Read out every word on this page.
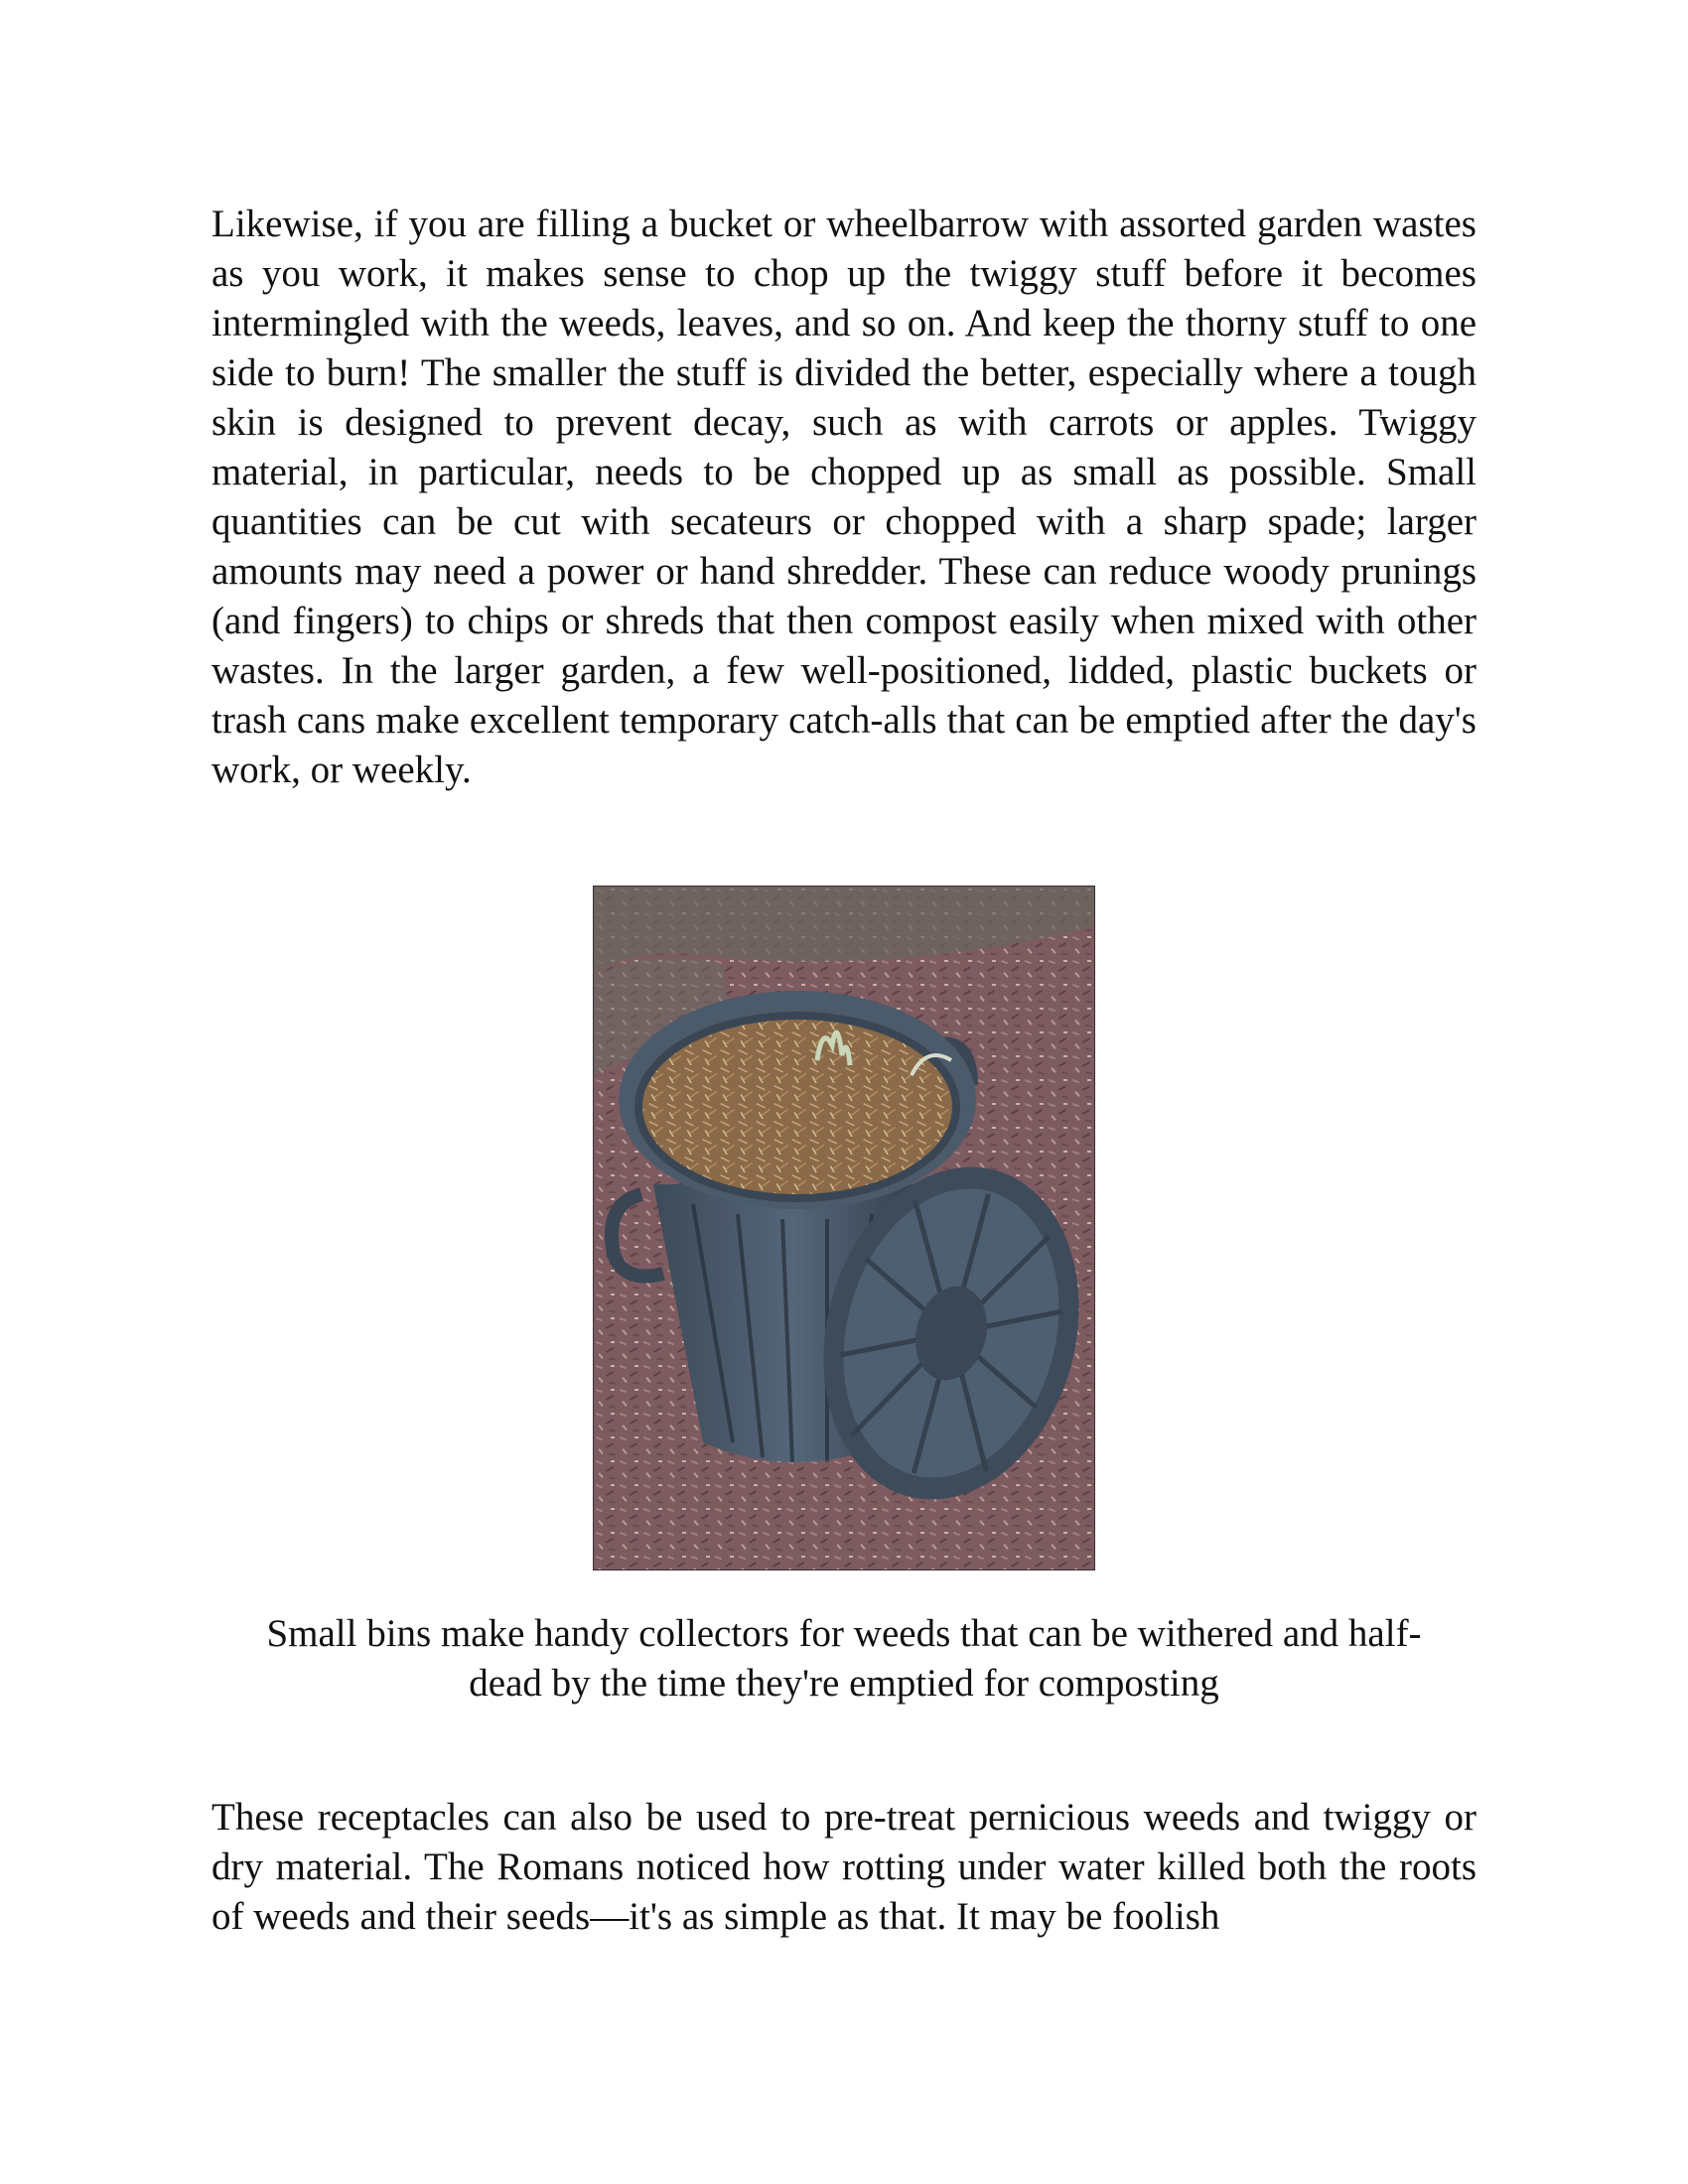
Likewise, if you are filling a bucket or wheelbarrow with assorted garden wastes as you work, it makes sense to chop up the twiggy stuff before it becomes intermingled with the weeds, leaves, and so on. And keep the thorny stuff to one side to burn! The smaller the stuff is divided the better, especially where a tough skin is designed to prevent decay, such as with carrots or apples. Twiggy material, in particular, needs to be chopped up as small as possible. Small quantities can be cut with secateurs or chopped with a sharp spade; larger amounts may need a power or hand shredder. These can reduce woody prunings (and fingers) to chips or shreds that then compost easily when mixed with other wastes. In the larger garden, a few well-positioned, lidded, plastic buckets or trash cans make excellent temporary catch-alls that can be emptied after the day's work, or weekly.

Small bins make handy collectors for weeds that can be withered and half-
dead by the time they're emptied for composting

These receptacles can also be used to pre-treat pernicious weeds and twiggy or dry material. The Romans noticed how rotting under water killed both the roots of weeds and their seeds—it's as simple as that. It may be foolish
